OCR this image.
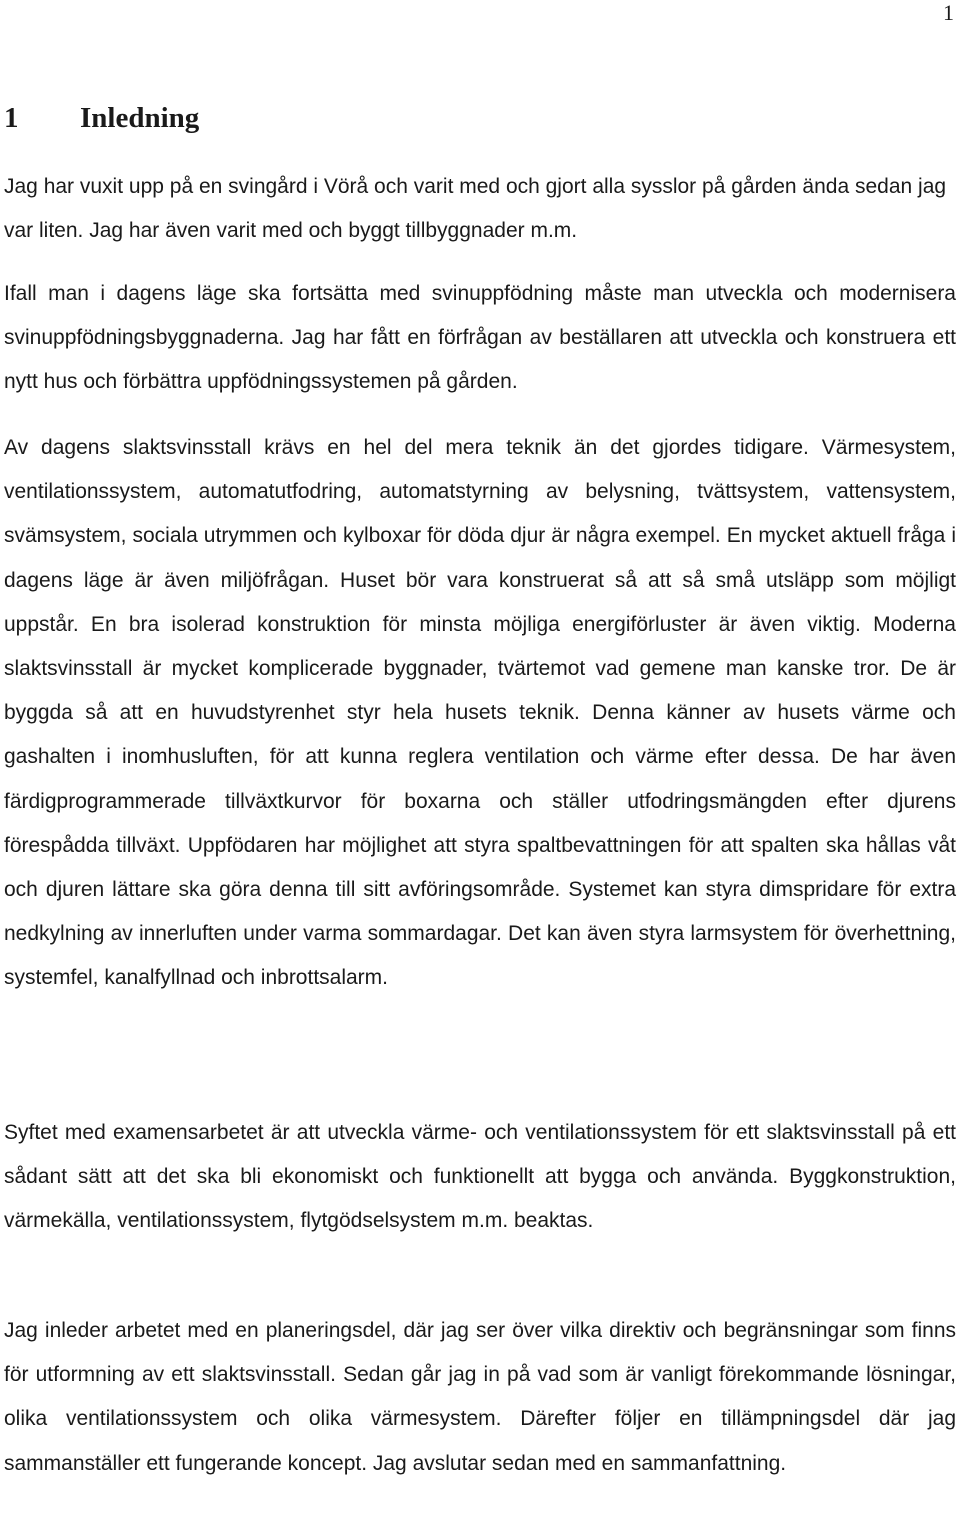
1
1 Inledning

Jag har vuxit upp på en svingård i Vörå och varit med och gjort alla sysslor på gården ända sedan jag var liten. Jag har även varit med och byggt tillbyggnader m.m.

Ifall man i dagens läge ska fortsätta med svinuppfödning måste man utveckla och modernisera svinuppfödningsbyggnaderna. Jag har fått en förfrågan av beställaren att utveckla och konstruera ett nytt hus och förbättra uppfödningssystemen på gården.

Av dagens slaktsvinsstall krävs en hel del mera teknik än det gjordes tidigare. Värmesystem, ventilationssystem, automatutfodring, automatstyrning av belysning, tvättsystem, vattensystem, svämsystem, sociala utrymmen och kylboxar för döda djur är några exempel. En mycket aktuell fråga i dagens läge är även miljöfrågan. Huset bör vara konstruerat så att så små utsläpp som möjligt uppstår. En bra isolerad konstruktion för minsta möjliga energiförluster är även viktig. Moderna slaktsvinsstall är mycket komplicerade byggnader, tvärtemot vad gemene man kanske tror. De är byggda så att en huvudstyrenhet styr hela husets teknik. Denna känner av husets värme och gashalten i inomhusluften, för att kunna reglera ventilation och värme efter dessa. De har även färdigprogrammerade tillväxtkurvor för boxarna och ställer utfodringsmängden efter djurens förespådda tillväxt. Uppfödaren har möjlighet att styra spaltbevattningen för att spalten ska hållas våt och djuren lättare ska göra denna till sitt avföringsområde. Systemet kan styra dimspridare för extra nedkylning av innerluften under varma sommardagar. Det kan även styra larmsystem för överhettning, systemfel, kanalfyllnad och inbrottsalarm.

Syftet med examensarbetet är att utveckla värme- och ventilationssystem för ett slaktsvinsstall på ett sådant sätt att det ska bli ekonomiskt och funktionellt att bygga och använda. Byggkonstruktion, värmekälla, ventilationssystem, flytgödselsystem m.m. beaktas.

Jag inleder arbetet med en planeringsdel, där jag ser över vilka direktiv och begränsningar som finns för utformning av ett slaktsvinsstall. Sedan går jag in på vad som är vanligt förekommande lösningar, olika ventilationssystem och olika värmesystem. Därefter följer en tillämpningsdel där jag sammanställer ett fungerande koncept. Jag avslutar sedan med en sammanfattning.
